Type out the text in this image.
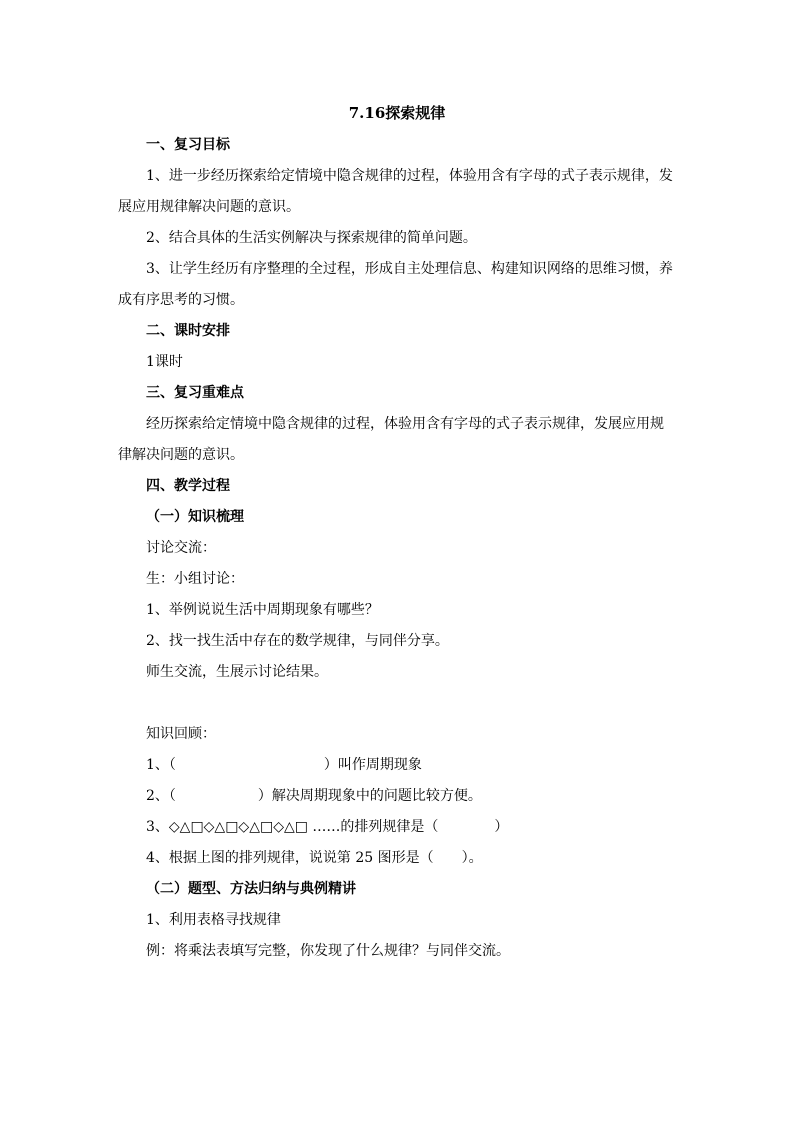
7.16探索规律

一、复习目标

1、进一步经历探索给定情境中隐含规律的过程，体验用含有字母的式子表示规律，发展应用规律解决问题的意识。

2、结合具体的生活实例解决与探索规律的简单问题。

3、让学生经历有序整理的全过程，形成自主处理信息、构建知识网络的思维习惯，养成有序思考的习惯。

二、课时安排

1课时

三、复习重难点

经历探索给定情境中隐含规律的过程，体验用含有字母的式子表示规律，发展应用规律解决问题的意识。

四、教学过程

（一）知识梳理

讨论交流：

生：小组讨论：

1、举例说说生活中周期现象有哪些？

2、找一找生活中存在的数学规律，与同伴分享。

师生交流，生展示讨论结果。

知识回顾：

1、（	）叫作周期现象

2、（	）解决周期现象中的问题比较方便。

3、◇△□◇△□◇△□◇△□ ……的排列规律是（	）

4、根据上图的排列规律，说说第 25 图形是（　　）。

（二）题型、方法归纳与典例精讲

1、利用表格寻找规律

例：将乘法表填写完整，你发现了什么规律？与同伴交流。
